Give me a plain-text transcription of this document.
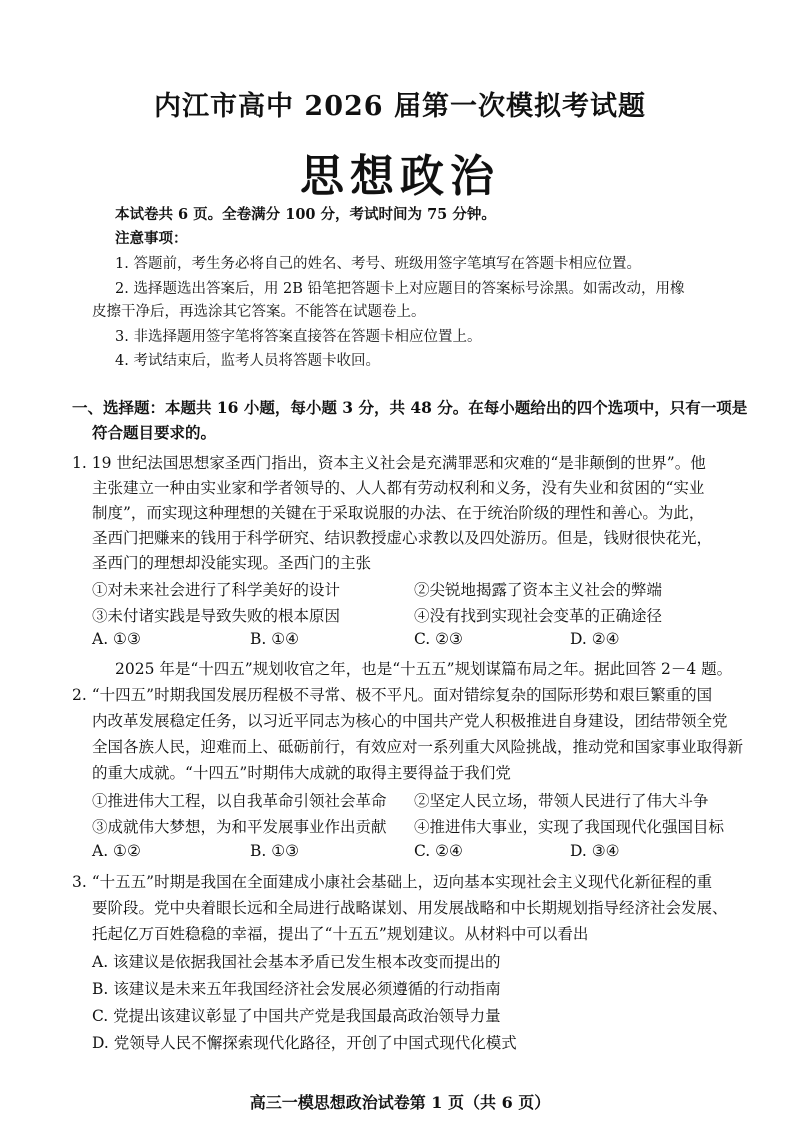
内江市高中 2026 届第一次模拟考试题
思想政治
本试卷共 6 页。全卷满分 100 分，考试时间为 75 分钟。
注意事项：
1. 答题前，考生务必将自己的姓名、考号、班级用签字笔填写在答题卡相应位置。
2. 选择题选出答案后，用 2B 铅笔把答题卡上对应题目的答案标号涂黑。如需改动，用橡
皮擦干净后，再选涂其它答案。不能答在试题卷上。
3. 非选择题用签字笔将答案直接答在答题卡相应位置上。
4. 考试结束后，监考人员将答题卡收回。
一、选择题：本题共 16 小题，每小题 3 分，共 48 分。在每小题给出的四个选项中，只有一项是
符合题目要求的。
1. 19 世纪法国思想家圣西门指出，资本主义社会是充满罪恶和灾难的“是非颠倒的世界”。他
主张建立一种由实业家和学者领导的、人人都有劳动权利和义务，没有失业和贫困的“实业
制度”，而实现这种理想的关键在于采取说服的办法、在于统治阶级的理性和善心。为此，
圣西门把赚来的钱用于科学研究、结识教授虚心求教以及四处游历。但是，钱财很快花光，
圣西门的理想却没能实现。圣西门的主张
①对未来社会进行了科学美好的设计	②尖锐地揭露了资本主义社会的弊端
③未付诸实践是导致失败的根本原因	④没有找到实现社会变革的正确途径
A. ①③	B. ①④	C. ②③	D. ②④
2025 年是“十四五”规划收官之年，也是“十五五”规划谋篇布局之年。据此回答 2－4 题。
2. “十四五”时期我国发展历程极不寻常、极不平凡。面对错综复杂的国际形势和艰巨繁重的国
内改革发展稳定任务，以习近平同志为核心的中国共产党人积极推进自身建设，团结带领全党
全国各族人民，迎难而上、砥砺前行，有效应对一系列重大风险挑战，推动党和国家事业取得新
的重大成就。“十四五”时期伟大成就的取得主要得益于我们党
①推进伟大工程，以自我革命引领社会革命 ②坚定人民立场，带领人民进行了伟大斗争
③成就伟大梦想，为和平发展事业作出贡献 ④推进伟大事业，实现了我国现代化强国目标
A. ①②	B. ①③	C. ②④	D. ③④
3. “十五五”时期是我国在全面建成小康社会基础上，迈向基本实现社会主义现代化新征程的重
要阶段。党中央着眼长远和全局进行战略谋划、用发展战略和中长期规划指导经济社会发展、
托起亿万百姓稳稳的幸福，提出了“十五五”规划建议。从材料中可以看出
A. 该建议是依据我国社会基本矛盾已发生根本改变而提出的
B. 该建议是未来五年我国经济社会发展必须遵循的行动指南
C. 党提出该建议彰显了中国共产党是我国最高政治领导力量
D. 党领导人民不懈探索现代化路径，开创了中国式现代化模式
高三一模思想政治试卷第 1 页（共 6 页）
